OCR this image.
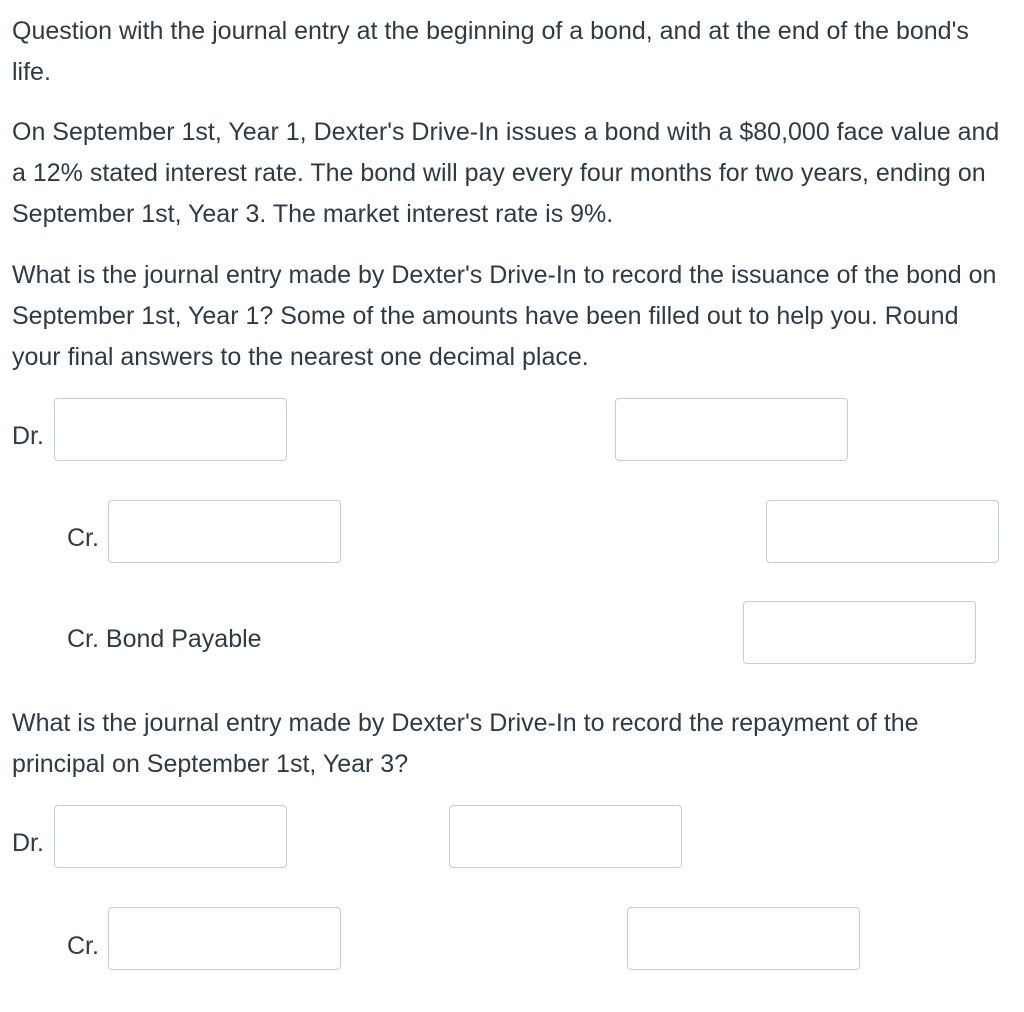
Question with the journal entry at the beginning of a bond, and at the end of the bond's life.

On September 1st, Year 1, Dexter's Drive-In issues a bond with a $80,000 face value and a 12% stated interest rate. The bond will pay every four months for two years, ending on September 1st, Year 3. The market interest rate is 9%.

What is the journal entry made by Dexter's Drive-In to record the issuance of the bond on September 1st, Year 1? Some of the amounts have been filled out to help you. Round your final answers to the nearest one decimal place.

Dr.
Cr.
Cr. Bond Payable

What is the journal entry made by Dexter's Drive-In to record the repayment of the principal on September 1st, Year 3?

Dr.
Cr.
